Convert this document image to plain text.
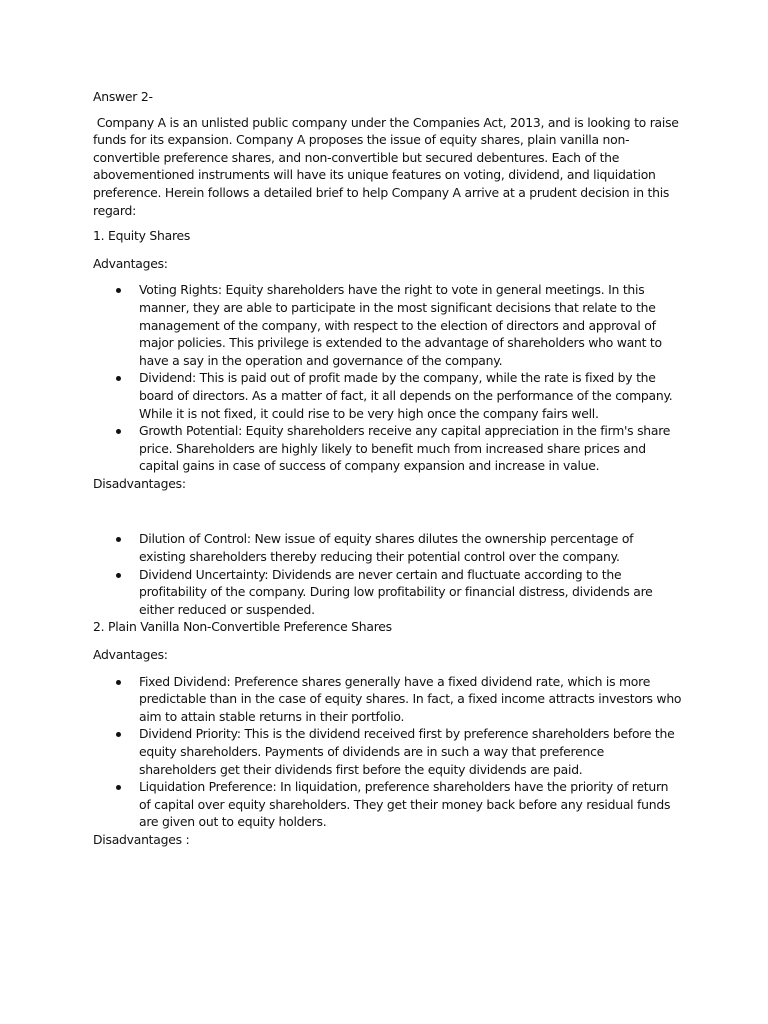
Answer 2-

Company A is an unlisted public company under the Companies Act, 2013, and is looking to raise funds for its expansion. Company A proposes the issue of equity shares, plain vanilla non-convertible preference shares, and non-convertible but secured debentures. Each of the abovementioned instruments will have its unique features on voting, dividend, and liquidation preference. Herein follows a detailed brief to help Company A arrive at a prudent decision in this regard:

1. Equity Shares

Advantages:

Voting Rights: Equity shareholders have the right to vote in general meetings. In this manner, they are able to participate in the most significant decisions that relate to the management of the company, with respect to the election of directors and approval of major policies. This privilege is extended to the advantage of shareholders who want to have a say in the operation and governance of the company.
Dividend: This is paid out of profit made by the company, while the rate is fixed by the board of directors. As a matter of fact, it all depends on the performance of the company. While it is not fixed, it could rise to be very high once the company fairs well.
Growth Potential: Equity shareholders receive any capital appreciation in the firm's share price. Shareholders are highly likely to benefit much from increased share prices and capital gains in case of success of company expansion and increase in value.

Disadvantages:

Dilution of Control: New issue of equity shares dilutes the ownership percentage of existing shareholders thereby reducing their potential control over the company.
Dividend Uncertainty: Dividends are never certain and fluctuate according to the profitability of the company. During low profitability or financial distress, dividends are either reduced or suspended.

2. Plain Vanilla Non-Convertible Preference Shares

Advantages:

Fixed Dividend: Preference shares generally have a fixed dividend rate, which is more predictable than in the case of equity shares. In fact, a fixed income attracts investors who aim to attain stable returns in their portfolio.
Dividend Priority: This is the dividend received first by preference shareholders before the equity shareholders. Payments of dividends are in such a way that preference shareholders get their dividends first before the equity dividends are paid.
Liquidation Preference: In liquidation, preference shareholders have the priority of return of capital over equity shareholders. They get their money back before any residual funds are given out to equity holders.

Disadvantages :
